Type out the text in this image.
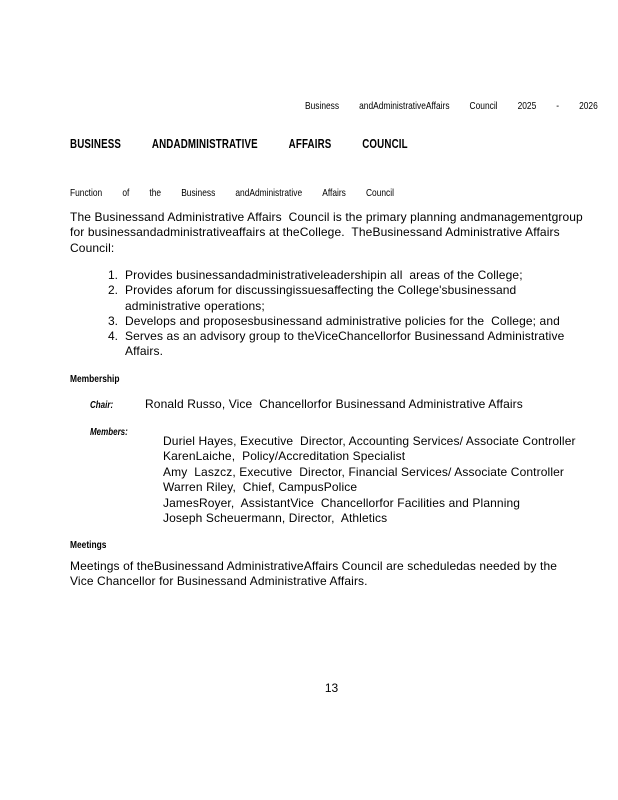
Business andAdministrativeAffairs Council 2025 - 2026
BUSINESS ANDADMINISTRATIVE AFFAIRS COUNCIL
Function of the Business andAdministrative Affairs Council
The Businessand Administrative Affairs  Council is the primary planning andmanagementgroup
for businessandadministrativeaffairs at theCollege.  TheBusinessand Administrative Affairs
Council:
1. Provides businessandadministrativeleadershipin all  areas of the College;
2. Provides aforum for discussingissuesaffecting the College'sbusinessand
administrative operations;
3. Develops and proposesbusinessand administrative policies for the  College; and
4. Serves as an advisory group to theViceChancellorfor Businessand Administrative
Affairs.
Membership
Chair:	Ronald Russo, Vice  Chancellorfor Businessand Administrative Affairs
Members:
Duriel Hayes, Executive  Director, Accounting Services/ Associate Controller
KarenLaiche,  Policy/Accreditation Specialist
Amy  Laszcz, Executive  Director, Financial Services/ Associate Controller
Warren Riley,  Chief, CampusPolice
JamesRoyer,  AssistantVice  Chancellorfor Facilities and Planning
Joseph Scheuermann, Director,  Athletics
Meetings
Meetings of theBusinessand AdministrativeAffairs Council are scheduledas needed by the
Vice Chancellor for Businessand Administrative Affairs.
13
